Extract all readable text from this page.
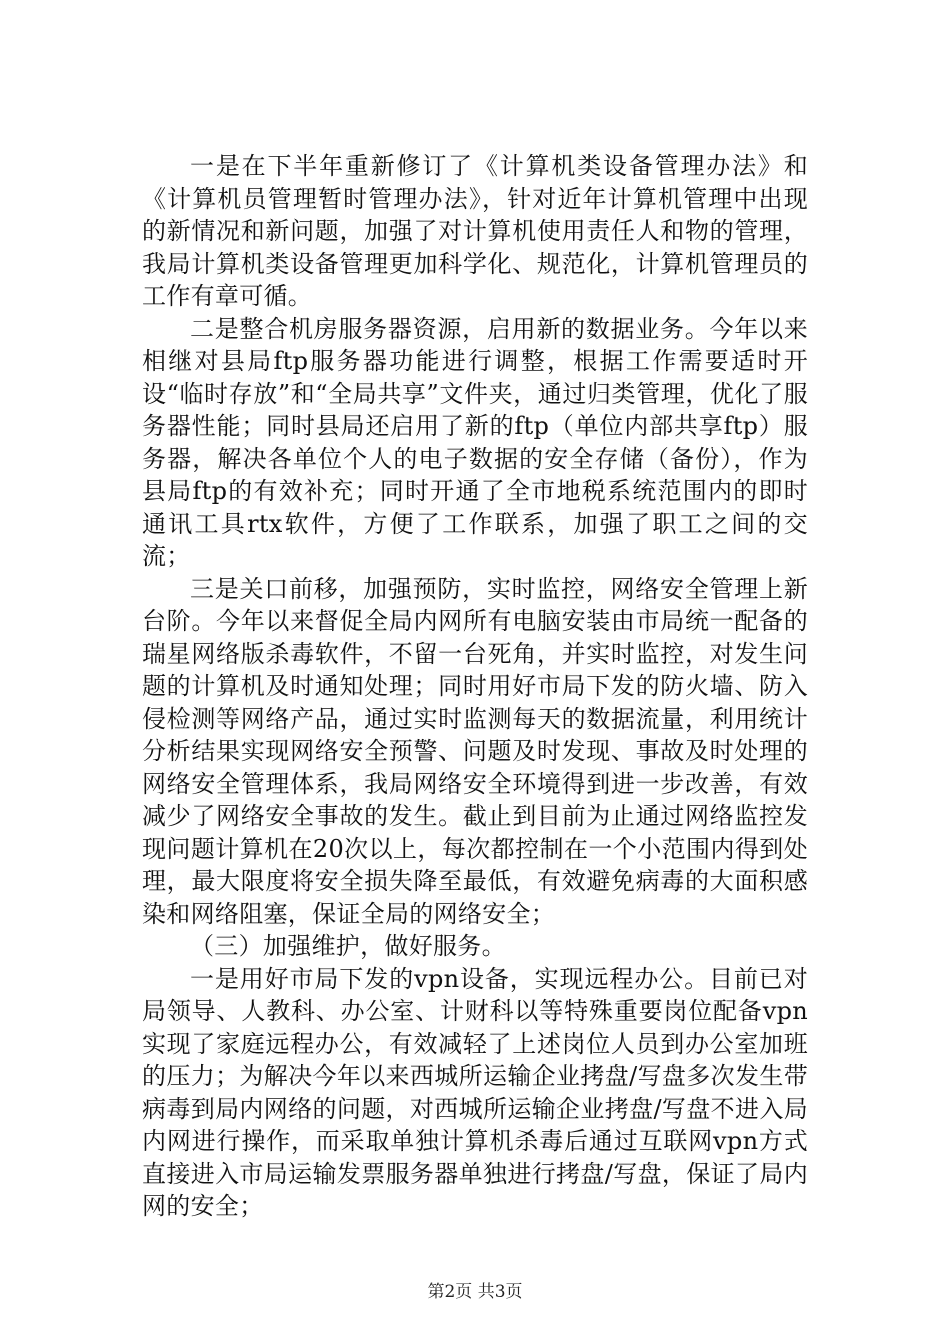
一是在下半年重新修订了《计算机类设备管理办法》和《计算机员管理暂时管理办法》，针对近年计算机管理中出现的新情况和新问题，加强了对计算机使用责任人和物的管理，我局计算机类设备管理更加科学化、规范化，计算机管理员的工作有章可循。

二是整合机房服务器资源，启用新的数据业务。今年以来相继对县局ftp服务器功能进行调整，根据工作需要适时开设“临时存放”和“全局共享”文件夹，通过归类管理，优化了服务器性能；同时县局还启用了新的ftp（单位内部共享ftp）服务器，解决各单位个人的电子数据的安全存储（备份），作为县局ftp的有效补充；同时开通了全市地税系统范围内的即时通讯工具rtx软件，方便了工作联系，加强了职工之间的交流；

三是关口前移，加强预防，实时监控，网络安全管理上新台阶。今年以来督促全局内网所有电脑安装由市局统一配备的瑞星网络版杀毒软件，不留一台死角，并实时监控，对发生问题的计算机及时通知处理；同时用好市局下发的防火墙、防入侵检测等网络产品，通过实时监测每天的数据流量，利用统计分析结果实现网络安全预警、问题及时发现、事故及时处理的网络安全管理体系，我局网络安全环境得到进一步改善，有效减少了网络安全事故的发生。截止到目前为止通过网络监控发现问题计算机在20次以上，每次都控制在一个小范围内得到处理，最大限度将安全损失降至最低，有效避免病毒的大面积感染和网络阻塞，保证全局的网络安全；

（三）加强维护，做好服务。

一是用好市局下发的vpn设备，实现远程办公。目前已对局领导、人教科、办公室、计财科以等特殊重要岗位配备vpn实现了家庭远程办公，有效减轻了上述岗位人员到办公室加班的压力；为解决今年以来西城所运输企业拷盘/写盘多次发生带病毒到局内网络的问题，对西城所运输企业拷盘/写盘不进入局内网进行操作，而采取单独计算机杀毒后通过互联网vpn方式直接进入市局运输发票服务器单独进行拷盘/写盘，保证了局内网的安全；

第2页 共3页
